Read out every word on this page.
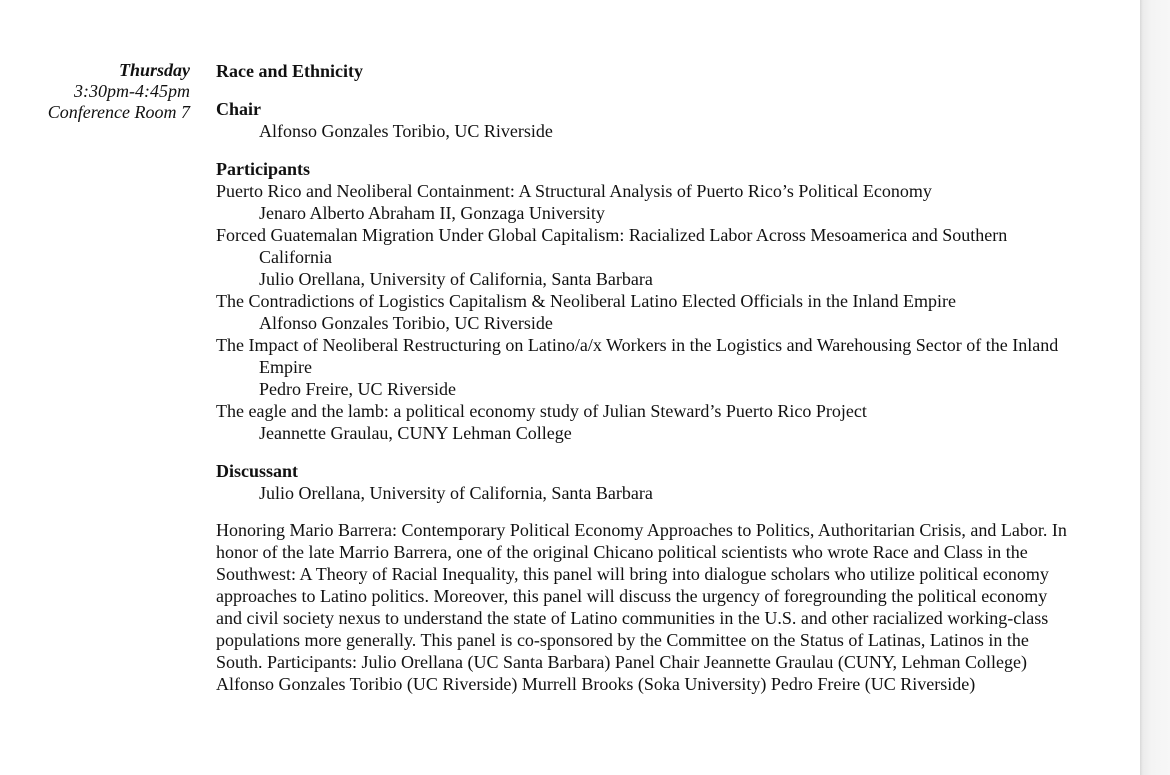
Thursday
3:30pm-4:45pm
Conference Room 7
Race and Ethnicity
Chair
Alfonso Gonzales Toribio, UC Riverside
Participants
Puerto Rico and Neoliberal Containment: A Structural Analysis of Puerto Rico’s Political Economy
Jenaro Alberto Abraham II, Gonzaga University
Forced Guatemalan Migration Under Global Capitalism: Racialized Labor Across Mesoamerica and Southern California
Julio Orellana, University of California, Santa Barbara
The Contradictions of Logistics Capitalism & Neoliberal Latino Elected Officials in the Inland Empire
Alfonso Gonzales Toribio, UC Riverside
The Impact of Neoliberal Restructuring on Latino/a/x Workers in the Logistics and Warehousing Sector of the Inland Empire
Pedro Freire, UC Riverside
The eagle and the lamb: a political economy study of Julian Steward’s Puerto Rico Project
Jeannette Graulau, CUNY Lehman College
Discussant
Julio Orellana, University of California, Santa Barbara
Honoring Mario Barrera: Contemporary Political Economy Approaches to Politics, Authoritarian Crisis, and Labor. In honor of the late Marrio Barrera, one of the original Chicano political scientists who wrote Race and Class in the Southwest: A Theory of Racial Inequality, this panel will bring into dialogue scholars who utilize political economy approaches to Latino politics. Moreover, this panel will discuss the urgency of foregrounding the political economy and civil society nexus to understand the state of Latino communities in the U.S. and other racialized working-class populations more generally. This panel is co-sponsored by the Committee on the Status of Latinas, Latinos in the South. Participants: Julio Orellana (UC Santa Barbara) Panel Chair Jeannette Graulau (CUNY, Lehman College) Alfonso Gonzales Toribio (UC Riverside) Murrell Brooks (Soka University) Pedro Freire (UC Riverside)
